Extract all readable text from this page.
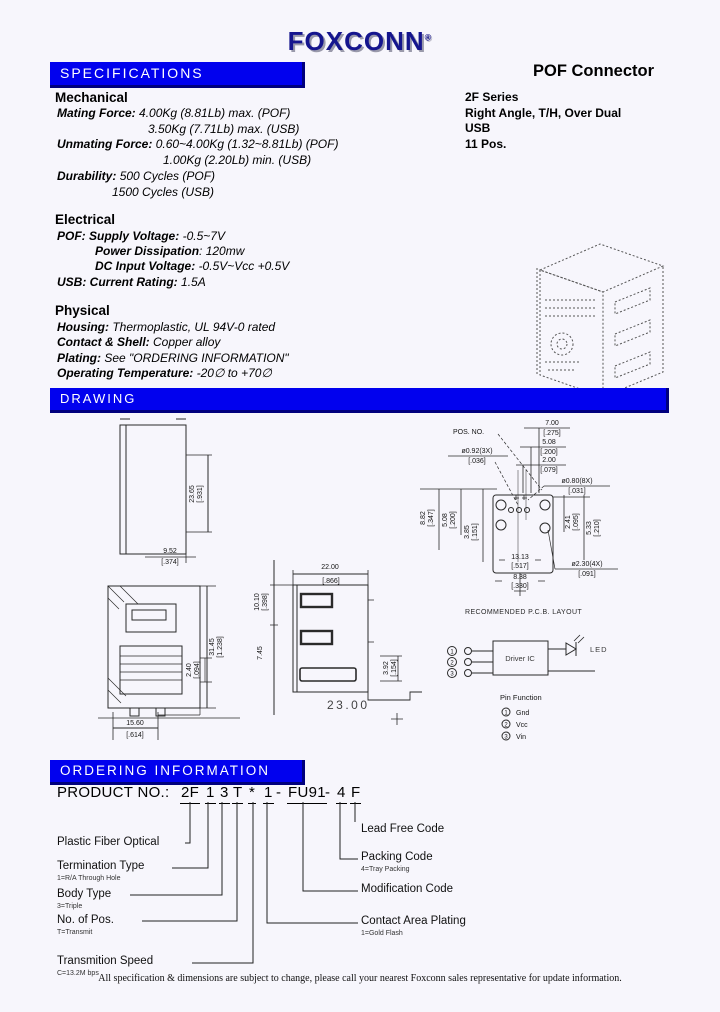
FOXCONN®
SPECIFICATIONS	POF Connector
2F Series
Right Angle, T/H, Over Dual
USB
11 Pos.
Mechanical
Mating Force: 4.00Kg (8.81Lb) max. (POF)
3.50Kg (7.71Lb) max. (USB)
Unmating Force: 0.60~4.00Kg (1.32~8.81Lb) (POF)
1.00Kg (2.20Lb) min. (USB)
Durability: 500 Cycles (POF)
1500 Cycles (USB)
Electrical
POF: Supply Voltage: -0.5~7V
Power Dissipation: 120mw
DC Input Voltage: -0.5V~Vcc +0.5V
USB: Current Rating: 1.5A
Physical
Housing: Thermoplastic, UL 94V-0 rated
Contact & Shell: Copper alloy
Plating: See "ORDERING INFORMATION"
Operating Temperature: -20∅ to +70∅
DRAWING
23.65 [.931]
9.52
[.374]
31.45 [1.238]
2.40 [.094]
15.60
[.614]
22.00
[.866]
10.10 [.398]
7.45
3.92 [.154]
23.00
POS. NO.
7.00
[.275]
5.08
[.200]
2.00
[.079]
ø0.80(8X)
[.031]
ø0.92(3X)
[.036]
ø2.30(4X)
[.091]
13.13
[.517]
8.38
[.330]
8.82 [.347] 5.08 [.200]
3.85 [.151]
2.41 [.095] 5.33 [.210]
RECOMMENDED P.C.B. LAYOUT
1
2
3
Driver IC
LED
Pin Function
1 Gnd
2 Vcc
3 Vin
ORDERING INFORMATION
PRODUCT NO.: 2F 1 3 T * 1 - FU91 - 4 F
Plastic Fiber Optical
Termination Type
1=R/A Through Hole
Body Type
3=Triple
No. of Pos.
T=Transmit
Transmition Speed
C=13.2M bps
Lead Free Code
Packing Code
4=Tray Packing
Modification Code
Contact Area Plating
1=Gold Flash
All specification & dimensions are subject to change, please call your nearest Foxconn sales representative for update information.
